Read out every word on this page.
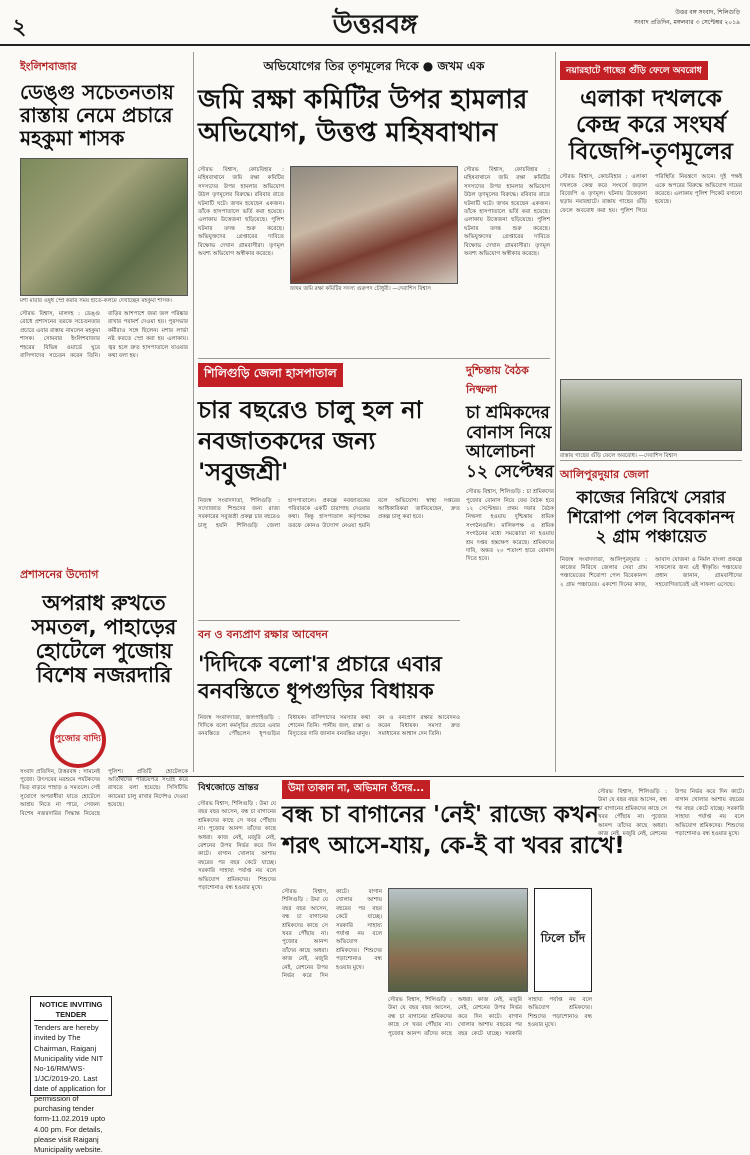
২	উত্তরবঙ্গ	উত্তর বঙ্গ সংবাদ, শিলিগুড়ি
সংবাদ প্রতিদিন, মঙ্গলবার ৩ সেপ্টেম্বর ২০১৯
ইংলিশবাজার
ডেঙ্গু সচেতনতায় রাস্তায় নেমে প্রচারে মহকুমা শাসক
মশা মারার ওষুধ স্প্রে করার সময় হাতে-কলমে দেখাচ্ছেন মহকুমা শাসক।
সৌরভ বিশ্বাস, মালদহ : ডেঙ্গু রোধে প্রশাসনের তরফে সচেতনতার প্রচারে এবার রাস্তায় নামলেন মহকুমা শাসক। সোমবার ইংলিশবাজার শহরের বিভিন্ন ওয়ার্ডে ঘুরে বাসিন্দাদের সচেতন করেন তিনি। বাড়ির আশপাশে জমা জল পরিষ্কার রাখার পরামর্শ দেওয়া হয়। পুরসভার কর্মীরাও সঙ্গে ছিলেন। মশার লার্ভা নষ্ট করতে স্প্রে করা হয় এলাকায়। জ্বর হলে দ্রুত হাসপাতালে যাওয়ার কথা বলা হয়।
প্রশাসনের উদ্যোগ
অপরাধ রুখতে সমতল, পাহাড়ের হোটেলে পুজোয় বিশেষ নজরদারি
পুজোর বাদ্যি
সংবাদ প্রতিদিন, উত্তরবঙ্গ : সামনেই পুজো। উৎসবের মরশুমে পর্যটকদের ভিড় বাড়বে পাহাড় ও সমতলে। সেই সুযোগে অপরাধীরা যাতে হোটেলে আশ্রয় নিতে না পারে, সেজন্য বিশেষ নজরদারির সিদ্ধান্ত নিয়েছে পুলিশ। প্রতিটি হোটেলকে অতিথিদের পরিচয়পত্র সংগ্রহ করে রাখতে বলা হয়েছে। সিসিটিভি ক্যামেরা চালু রাখার নির্দেশও দেওয়া হয়েছে।
NOTICE INVITING TENDER
Tenders are hereby invited by The Chairman, Raiganj Municipality vide NIT No-16/RM/WS-1/JC/2019-20. Last date of application for permission of purchasing tender form-11.02.2019 upto 4.00 pm. For details, please visit Raiganj Municipality website.
অভিযোগের তির তৃণমূলের দিকে ● জখম এক
জমি রক্ষা কমিটির উপর হামলার অভিযোগ, উত্তপ্ত মহিষবাথান
জখম জমি রক্ষা কমিটির সদস্য গুরুপদ চৌধুরী। —দেবাশিস বিশ্বাস
সৌরভ বিশ্বাস, কোচবিহার : মহিষবাথানে জমি রক্ষা কমিটির সদস্যদের উপর হামলার অভিযোগ উঠল তৃণমূলের বিরুদ্ধে। রবিবার রাতে ঘটনাটি ঘটে। জখম হয়েছেন একজন। তাঁকে হাসপাতালে ভর্তি করা হয়েছে। এলাকায় উত্তেজনা ছড়িয়েছে। পুলিশ ঘটনার তদন্ত শুরু করেছে। অভিযুক্তদের গ্রেপ্তারের দাবিতে বিক্ষোভ দেখান গ্রামবাসীরা। তৃণমূল অবশ্য অভিযোগ অস্বীকার করেছে।
সৌরভ বিশ্বাস, কোচবিহার : মহিষবাথানে জমি রক্ষা কমিটির সদস্যদের উপর হামলার অভিযোগ উঠল তৃণমূলের বিরুদ্ধে। রবিবার রাতে ঘটনাটি ঘটে। জখম হয়েছেন একজন। তাঁকে হাসপাতালে ভর্তি করা হয়েছে। এলাকায় উত্তেজনা ছড়িয়েছে। পুলিশ ঘটনার তদন্ত শুরু করেছে। অভিযুক্তদের গ্রেপ্তারের দাবিতে বিক্ষোভ দেখান গ্রামবাসীরা। তৃণমূল অবশ্য অভিযোগ অস্বীকার করেছে।
শিলিগুড়ি জেলা হাসপাতাল
চার বছরেও চালু হল না নবজাতকদের জন্য 'সবুজশ্রী'
নিজস্ব সংবাদদাতা, শিলিগুড়ি : সদ্যোজাত শিশুদের জন্য রাজ্য সরকারের সবুজশ্রী প্রকল্প চার বছরেও চালু হয়নি শিলিগুড়ি জেলা হাসপাতালে। প্রকল্পে নবজাতকের পরিবারকে একটি চারাগাছ দেওয়ার কথা। কিন্তু হাসপাতাল কর্তৃপক্ষের তরফে কোনও উদ্যোগ নেওয়া হয়নি বলে অভিযোগ। স্বাস্থ্য দপ্তরের আধিকারিকরা জানিয়েছেন, দ্রুত প্রকল্প চালু করা হবে।
দুশ্চিন্তায় বৈঠক নিষ্ফলা
চা শ্রমিকদের বোনাস নিয়ে আলোচনা ১২ সেপ্টেম্বর
সৌরভ বিশ্বাস, শিলিগুড়ি : চা শ্রমিকদের পুজোর বোনাস নিয়ে ফের বৈঠক হবে ১২ সেপ্টেম্বর। প্রথম দফার বৈঠক নিষ্ফলা হওয়ায় দুশ্চিন্তায় শ্রমিক সংগঠনগুলি। মালিকপক্ষ ও শ্রমিক সংগঠনের মধ্যে সমঝোতা না হওয়ায় শ্রম দপ্তর হস্তক্ষেপ করেছে। শ্রমিকদের দাবি, অন্তত ২০ শতাংশ হারে বোনাস দিতে হবে।
বন ও বন্যপ্রাণ রক্ষার আবেদন
'দিদিকে বলো'র প্রচারে এবার বনবস্তিতে ধূপগুড়ির বিধায়ক
নিজস্ব সংবাদদাতা, জলপাইগুড়ি : দিদিকে বলো কর্মসূচির প্রচারে এবার বনবস্তিতে পৌঁছলেন ধূপগুড়ির বিধায়ক। বাসিন্দাদের সমস্যার কথা শোনেন তিনি। পানীয় জল, রাস্তা ও বিদ্যুতের দাবি জানান বনবস্তির মানুষ। বন ও বন্যপ্রাণ রক্ষার আবেদনও করেন বিধায়ক। সমস্যা দ্রুত সমাধানের আশ্বাস দেন তিনি।
নয়ারহাটে গাছের গুঁড়ি ফেলে অবরোধ
এলাকা দখলকে কেন্দ্র করে সংঘর্ষ বিজেপি-তৃণমূলের
সৌরভ বিশ্বাস, কোচবিহার : এলাকা দখলকে কেন্দ্র করে সংঘর্ষে জড়াল বিজেপি ও তৃণমূল। ঘটনায় উত্তেজনা ছড়ায় নয়ারহাটে। রাস্তায় গাছের গুঁড়ি ফেলে অবরোধ করা হয়। পুলিশ গিয়ে পরিস্থিতি নিয়ন্ত্রণে আনে। দুই পক্ষই একে অপরের বিরুদ্ধে অভিযোগ দায়ের করেছে। এলাকায় পুলিশ পিকেট বসানো হয়েছে।
রাস্তায় গাছের গুঁড়ি ফেলে অবরোধ। —দেবাশিস বিশ্বাস
আলিপুরদুয়ার জেলা
কাজের নিরিখে সেরার শিরোপা পেল বিবেকানন্দ ২ গ্রাম পঞ্চায়েত
নিজস্ব সংবাদদাতা, আলিপুরদুয়ার : কাজের নিরিখে জেলার সেরা গ্রাম পঞ্চায়েতের শিরোপা পেল বিবেকানন্দ ২ গ্রাম পঞ্চায়েত। একশো দিনের কাজ, আবাস যোজনা ও নির্মল বাংলা প্রকল্পে সাফল্যের জন্য এই স্বীকৃতি। পঞ্চায়েত প্রধান জানান, গ্রামবাসীদের সহযোগিতাতেই এই সাফল্য এসেছে।
বিশ্বজোড়ে ভ্রান্তর	উমা তাকান না, অভিমান ওঁদের...
বন্ধ চা বাগানের 'নেই' রাজ্যে কখন শরৎ আসে-যায়, কে-ই বা খবর রাখে!
সৌরভ বিশ্বাস, শিলিগুড়ি : উমা যে বছর বছর আসেন, বন্ধ চা বাগানের শ্রমিকদের কাছে সে খবর পৌঁছায় না। পুজোর আনন্দ তাঁদের কাছে অধরা। কাজ নেই, মজুরি নেই, রেশনের উপর নির্ভর করে দিন কাটে। বাগান খোলার আশায় বছরের পর বছর কেটে যাচ্ছে। সরকারি সাহায্য পর্যাপ্ত নয় বলে অভিযোগ শ্রমিকদের। শিশুদের পড়াশোনাও বন্ধ হওয়ার মুখে।
ঢিলে চাঁদ
সৌরভ বিশ্বাস, শিলিগুড়ি : উমা যে বছর বছর আসেন, বন্ধ চা বাগানের শ্রমিকদের কাছে সে খবর পৌঁছায় না। পুজোর আনন্দ তাঁদের কাছে অধরা। কাজ নেই, মজুরি নেই, রেশনের উপর নির্ভর করে দিন কাটে। বাগান খোলার আশায় বছরের পর বছর কেটে যাচ্ছে। সরকারি সাহায্য পর্যাপ্ত নয় বলে অভিযোগ শ্রমিকদের। শিশুদের পড়াশোনাও বন্ধ হওয়ার মুখে।
সৌরভ বিশ্বাস, শিলিগুড়ি : উমা যে বছর বছর আসেন, বন্ধ চা বাগানের শ্রমিকদের কাছে সে খবর পৌঁছায় না। পুজোর আনন্দ তাঁদের কাছে অধরা। কাজ নেই, মজুরি নেই, রেশনের উপর নির্ভর করে দিন কাটে। বাগান খোলার আশায় বছরের পর বছর কেটে যাচ্ছে। সরকারি সাহায্য পর্যাপ্ত নয় বলে অভিযোগ শ্রমিকদের। শিশুদের পড়াশোনাও বন্ধ হওয়ার মুখে।
সৌরভ বিশ্বাস, শিলিগুড়ি : উমা যে বছর বছর আসেন, বন্ধ চা বাগানের শ্রমিকদের কাছে সে খবর পৌঁছায় না। পুজোর আনন্দ তাঁদের কাছে অধরা। কাজ নেই, মজুরি নেই, রেশনের উপর নির্ভর করে দিন কাটে। বাগান খোলার আশায় বছরের পর বছর কেটে যাচ্ছে। সরকারি সাহায্য পর্যাপ্ত নয় বলে অভিযোগ শ্রমিকদের। শিশুদের পড়াশোনাও বন্ধ হওয়ার মুখে।
